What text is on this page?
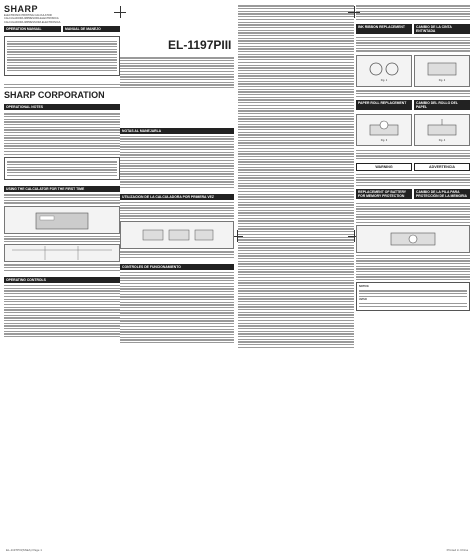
SHARP
ELECTRONIC PRINTING CALCULATOR
CALCULADORA IMPRESORA ELECTRONICA
CALCULADORA IMPRESSORA ELECTRONICA
OPERATION MANUAL	MANUAL DE MANEJO
SHARP CORPORATION
OPERATIONAL NOTES
USING THE CALCULATOR FOR THE FIRST TIME
OPERATING CONTROLS
EL-1197PIII
NOTAS AL MANEJARLA
UTILIZACION DE LA CALCULADORA POR PRIMERA VEZ
CONTROLES DE FUNCIONAMIENTO
INK RIBBON REPLACEMENT	CAMBIO DE LA CINTA ENTINTADA
Fig. 1	Fig. 2
PAPER ROLL REPLACEMENT	CAMBIO DEL ROLLO DEL PAPEL
Fig. 3	Fig. 4
WARNING	ADVERTENCIA
REPLACEMENT OF BATTERY FOR MEMORY PROTECTION
CAMBIO DE LA PILA PARA PROTECCIÓN DE LA MEMORIA
NOTICE
AVISO
EL-1197PIII(SSEA) Page 1	Printed in China
